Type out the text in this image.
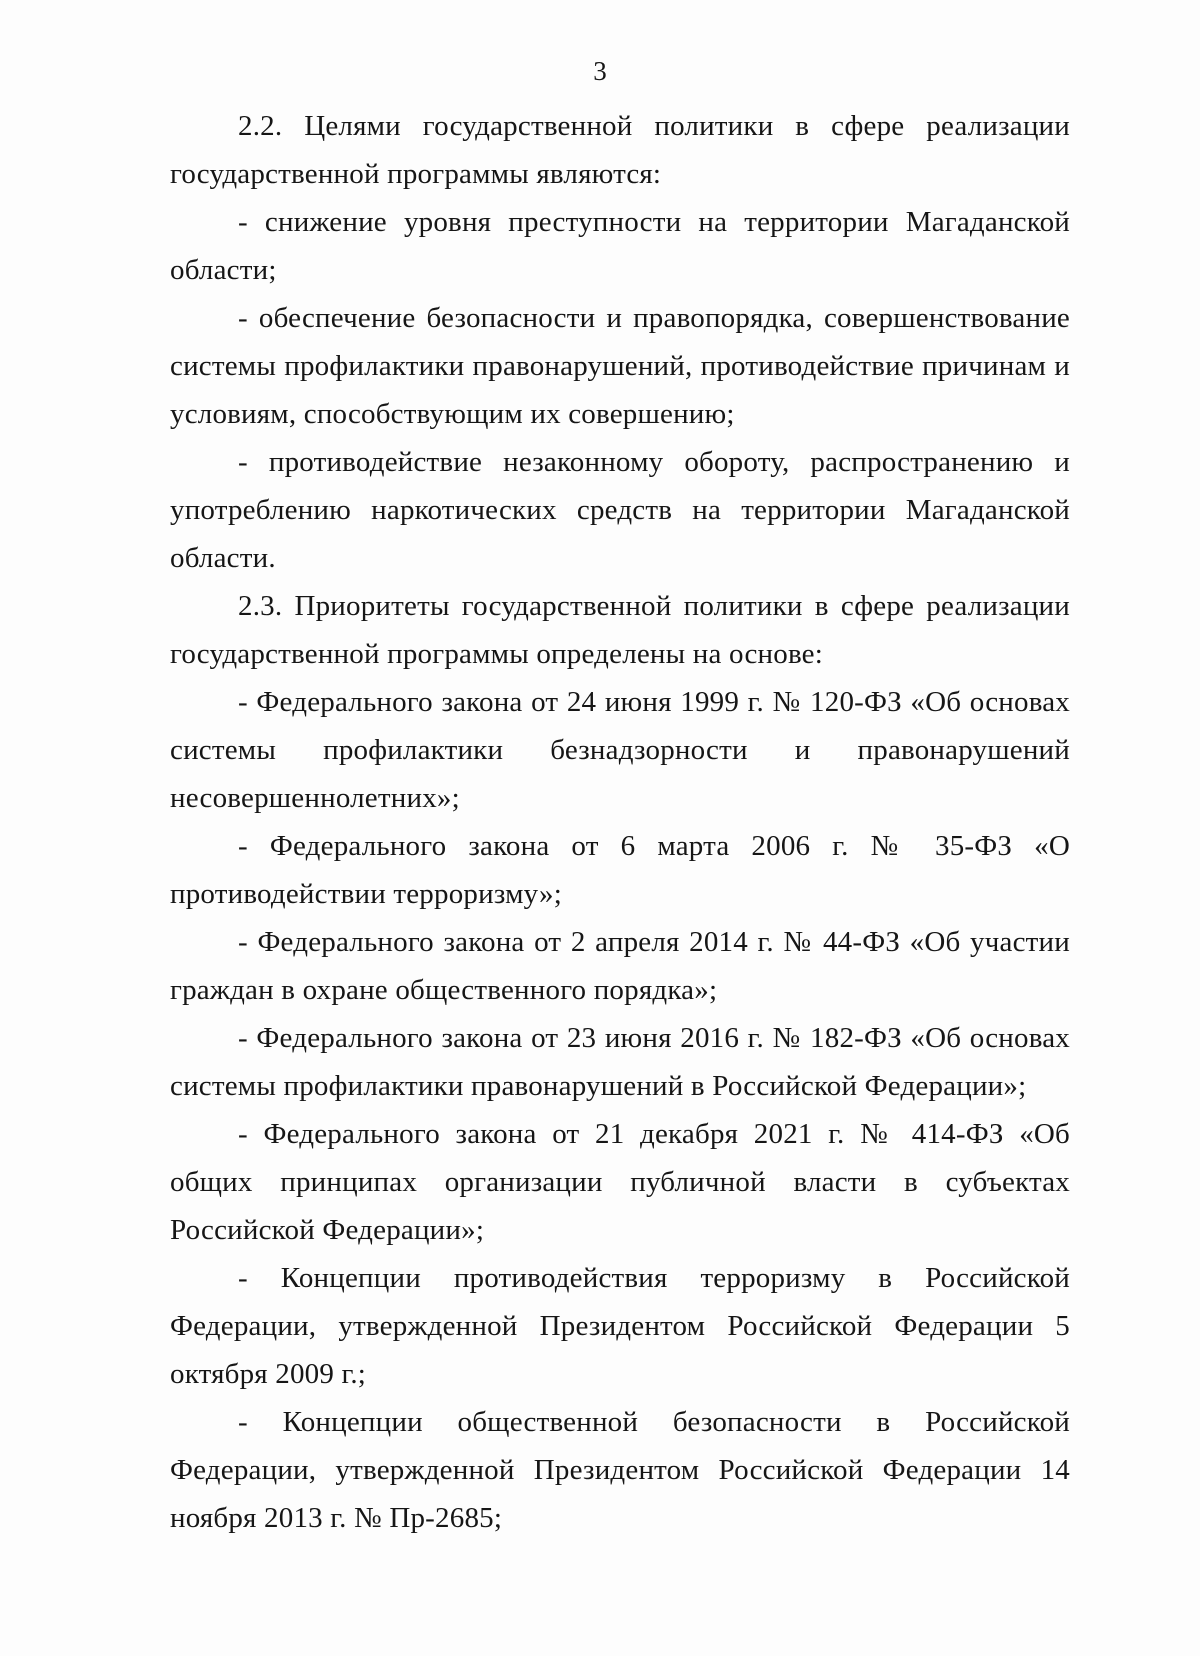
3

2.2. Целями государственной политики в сфере реализации государственной программы являются:

- снижение уровня преступности на территории Магаданской области;

- обеспечение безопасности и правопорядка, совершенствование системы профилактики правонарушений, противодействие причинам и условиям, способствующим их совершению;

- противодействие незаконному обороту, распространению и употреблению наркотических средств на территории Магаданской области.

2.3. Приоритеты государственной политики в сфере реализации государственной программы определены на основе:

- Федерального закона от 24 июня 1999 г. № 120-ФЗ «Об основах системы профилактики безнадзорности и правонарушений несовершеннолетних»;

- Федерального закона от 6 марта 2006 г. № 35-ФЗ «О противодействии терроризму»;

- Федерального закона от 2 апреля 2014 г. № 44-ФЗ «Об участии граждан в охране общественного порядка»;

- Федерального закона от 23 июня 2016 г. № 182-ФЗ «Об основах системы профилактики правонарушений в Российской Федерации»;

- Федерального закона от 21 декабря 2021 г. № 414-ФЗ «Об общих принципах организации публичной власти в субъектах Российской Федерации»;

- Концепции противодействия терроризму в Российской Федерации, утвержденной Президентом Российской Федерации 5 октября 2009 г.;

- Концепции общественной безопасности в Российской Федерации, утвержденной Президентом Российской Федерации 14 ноября 2013 г. № Пр-2685;
